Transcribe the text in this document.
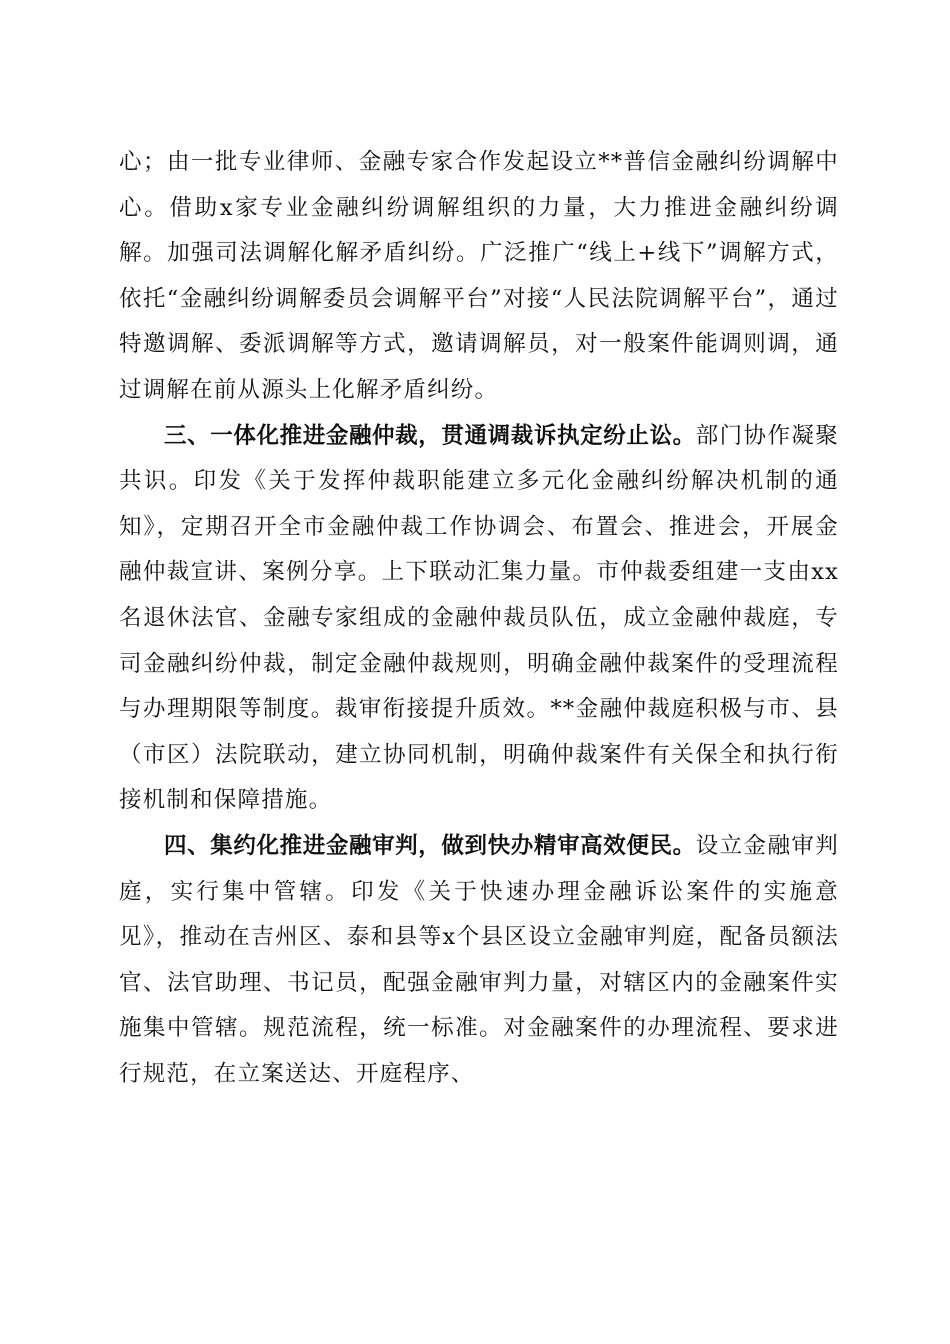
心；由一批专业律师、金融专家合作发起设立**普信金融纠纷调解中心。借助x家专业金融纠纷调解组织的力量，大力推进金融纠纷调解。加强司法调解化解矛盾纠纷。广泛推广“线上+线下”调解方式，依托“金融纠纷调解委员会调解平台”对接“人民法院调解平台”，通过特邀调解、委派调解等方式，邀请调解员，对一般案件能调则调，通过调解在前从源头上化解矛盾纠纷。

三、一体化推进金融仲裁，贯通调裁诉执定纷止讼。部门协作凝聚共识。印发《关于发挥仲裁职能建立多元化金融纠纷解决机制的通知》，定期召开全市金融仲裁工作协调会、布置会、推进会，开展金融仲裁宣讲、案例分享。上下联动汇集力量。市仲裁委组建一支由xx名退休法官、金融专家组成的金融仲裁员队伍，成立金融仲裁庭，专司金融纠纷仲裁，制定金融仲裁规则，明确金融仲裁案件的受理流程与办理期限等制度。裁审衔接提升质效。**金融仲裁庭积极与市、县（市区）法院联动，建立协同机制，明确仲裁案件有关保全和执行衔接机制和保障措施。

四、集约化推进金融审判，做到快办精审高效便民。设立金融审判庭，实行集中管辖。印发《关于快速办理金融诉讼案件的实施意见》，推动在吉州区、泰和县等x个县区设立金融审判庭，配备员额法官、法官助理、书记员，配强金融审判力量，对辖区内的金融案件实施集中管辖。规范流程，统一标准。对金融案件的办理流程、要求进行规范，在立案送达、开庭程序、
